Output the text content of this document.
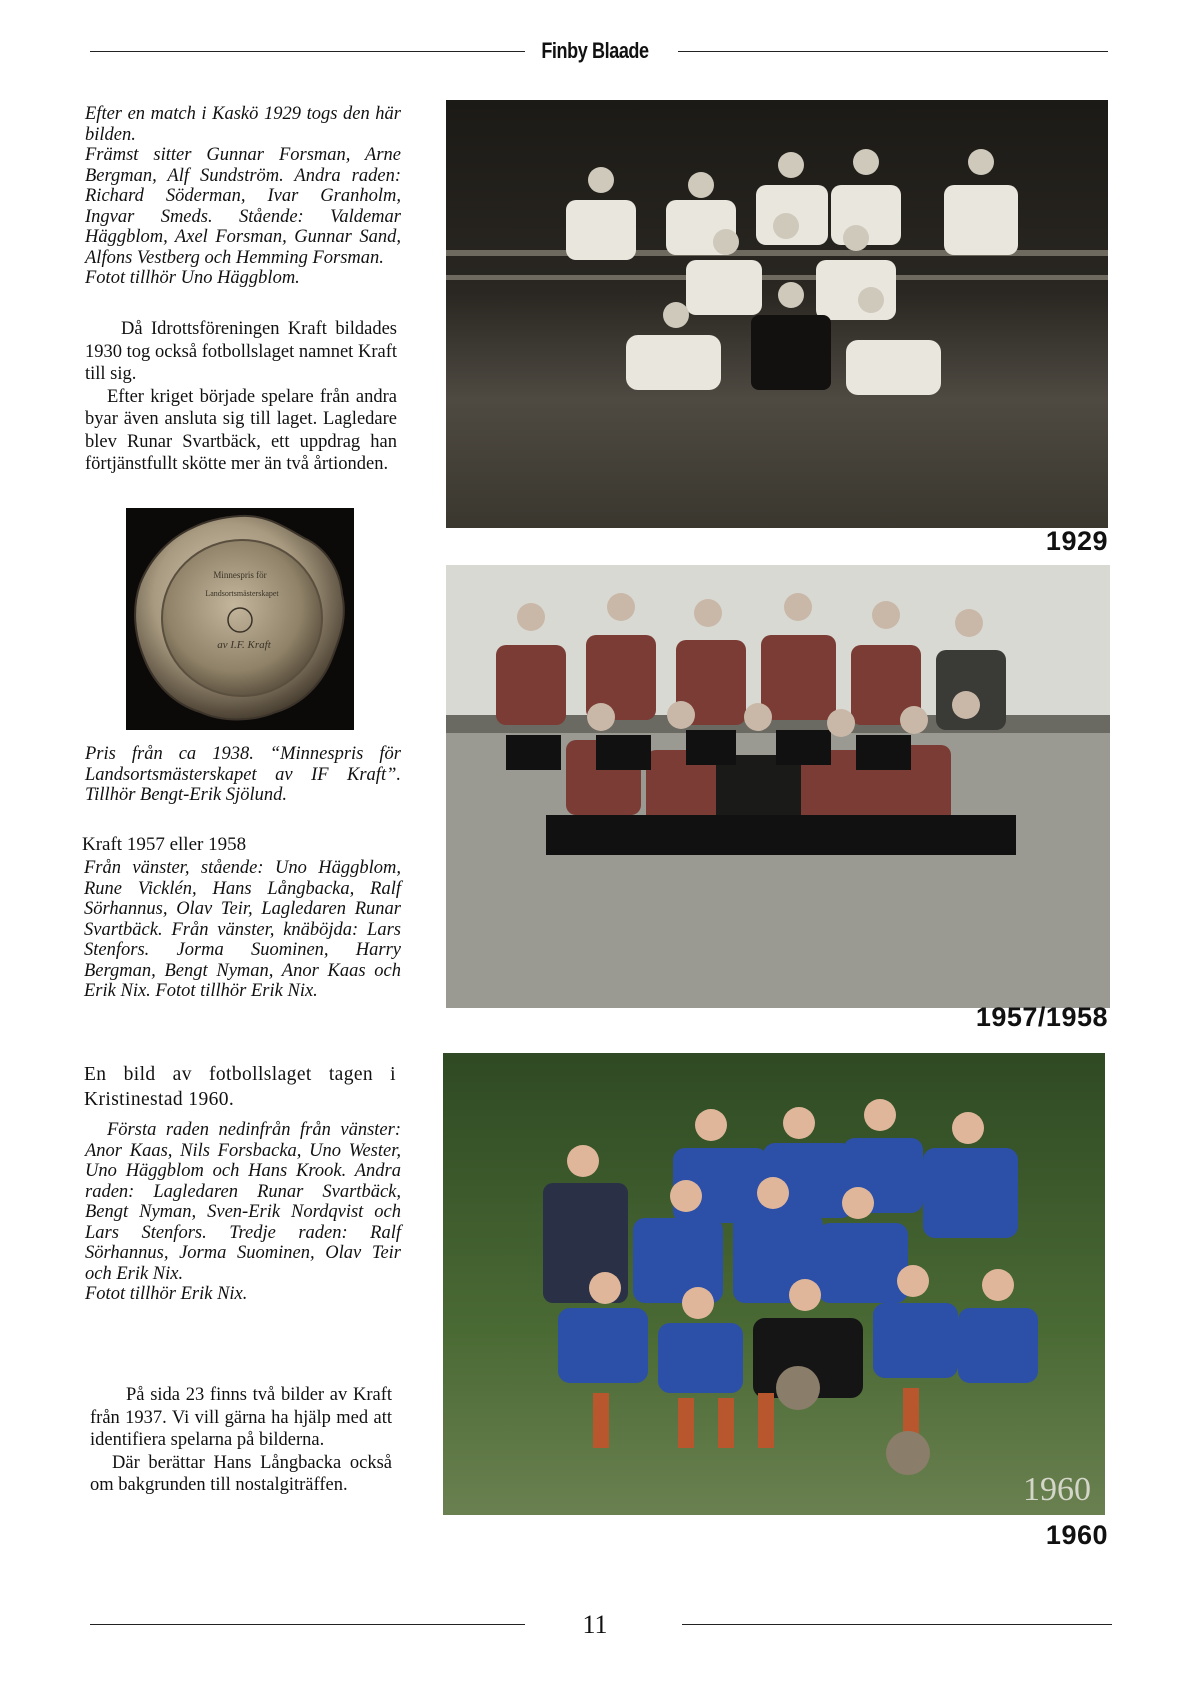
Finby Blaade

Efter en match i Kaskö 1929 togs den här bilden.

Främst sitter Gunnar Forsman, Arne Bergman, Alf Sundström. Andra raden: Richard Söderman, Ivar Granholm, Ingvar Smeds. Stående: Valdemar Häggblom, Axel Forsman, Gunnar Sand, Alfons Vestberg och Hemming Forsman.

Fotot tillhör Uno Häggblom.

Då Idrottsföreningen Kraft bildades 1930 tog också fotbollslaget namnet Kraft till sig.

Efter kriget började spelare från andra byar även ansluta sig till laget. Lagledare blev Runar Svartbäck, ett uppdrag han förtjänstfullt skötte mer än två årtionden.

Minnespris för
Landsortsmästerskapet
av I.F. Kraft
Pris från ca 1938. “Minnespris för Landsortsmästerskapet av IF Kraft”. Tillhör Bengt-Erik Sjölund.
Kraft 1957 eller 1958
Från vänster, stående: Uno Häggblom, Rune Vicklén, Hans Långbacka, Ralf Sörhannus, Olav Teir, Lagledaren Runar Svartbäck. Från vänster, knäböjda: Lars Stenfors. Jorma Suominen, Harry Bergman, Bengt Nyman, Anor Kaas och Erik Nix. Fotot tillhör Erik Nix.
En bild av fotbollslaget tagen i Kristinestad 1960.

Första raden nedinfrån från vänster: Anor Kaas, Nils Forsbacka, Uno Wester, Uno Häggblom och Hans Krook. Andra raden: Lagledaren Runar Svartbäck, Bengt Nyman, Sven-Erik Nordqvist och Lars Stenfors. Tredje raden: Ralf Sörhannus, Jorma Suominen, Olav Teir och Erik Nix.

Fotot tillhör Erik Nix.

På sida 23 finns två bilder av Kraft från 1937. Vi vill gärna ha hjälp med att identifiera spelarna på bilderna.

Där berättar Hans Långbacka också om bakgrunden till nostalgiträffen.

1929
1957/1958
1960
1960
11
